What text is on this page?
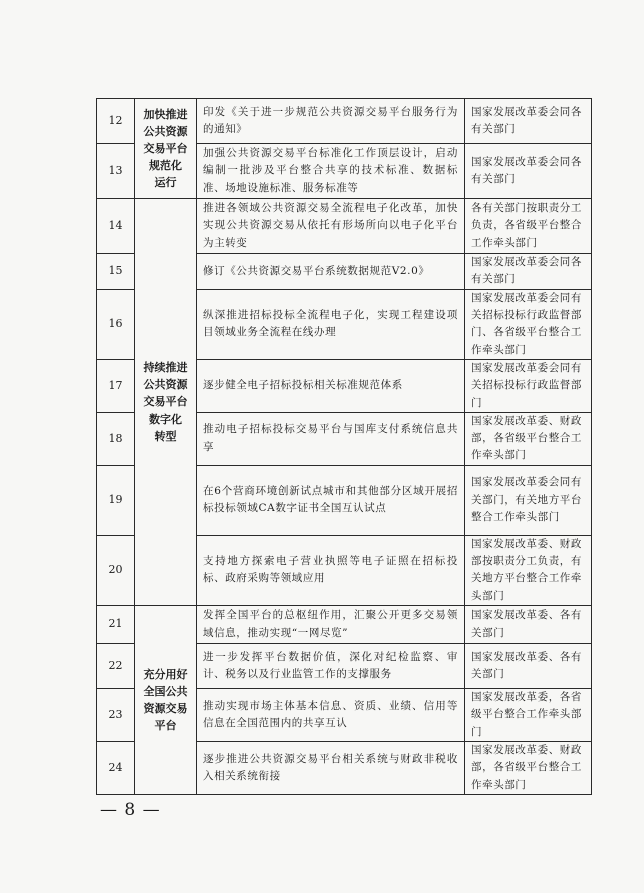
12	加快推进
公共资源
交易平台
规范化
运行	印发《关于进一步规范公共资源交易平台服务行为的通知》	国家发展改革委会同各有关部门
13		加强公共资源交易平台标准化工作顶层设计，启动编制一批涉及平台整合共享的技术标准、数据标准、场地设施标准、服务标准等	国家发展改革委会同各有关部门
14	持续推进
公共资源
交易平台
数字化
转型	推进各领域公共资源交易全流程电子化改革，加快实现公共资源交易从依托有形场所向以电子化平台为主转变	各有关部门按职责分工负责，各省级平台整合工作牵头部门
15		修订《公共资源交易平台系统数据规范V2.0》	国家发展改革委会同各有关部门
16		纵深推进招标投标全流程电子化，实现工程建设项目领域业务全流程在线办理	国家发展改革委会同有关招标投标行政监督部门、各省级平台整合工作牵头部门
17		逐步健全电子招标投标相关标准规范体系	国家发展改革委会同有关招标投标行政监督部门
18		推动电子招标投标交易平台与国库支付系统信息共享	国家发展改革委、财政部，各省级平台整合工作牵头部门
19		在6个营商环境创新试点城市和其他部分区域开展招标投标领域CA数字证书全国互认试点	国家发展改革委会同有关部门，有关地方平台整合工作牵头部门
20		支持地方探索电子营业执照等电子证照在招标投标、政府采购等领域应用	国家发展改革委、财政部按职责分工负责，有关地方平台整合工作牵头部门
21	充分用好
全国公共
资源交易
平台	发挥全国平台的总枢纽作用，汇聚公开更多交易领域信息，推动实现“一网尽览”	国家发展改革委、各有关部门
22		进一步发挥平台数据价值，深化对纪检监察、审计、税务以及行业监管工作的支撑服务	国家发展改革委、各有关部门
23		推动实现市场主体基本信息、资质、业绩、信用等信息在全国范围内的共享互认	国家发展改革委，各省级平台整合工作牵头部门
24		逐步推进公共资源交易平台相关系统与财政非税收入相关系统衔接	国家发展改革委、财政部，各省级平台整合工作牵头部门
— 8 —
